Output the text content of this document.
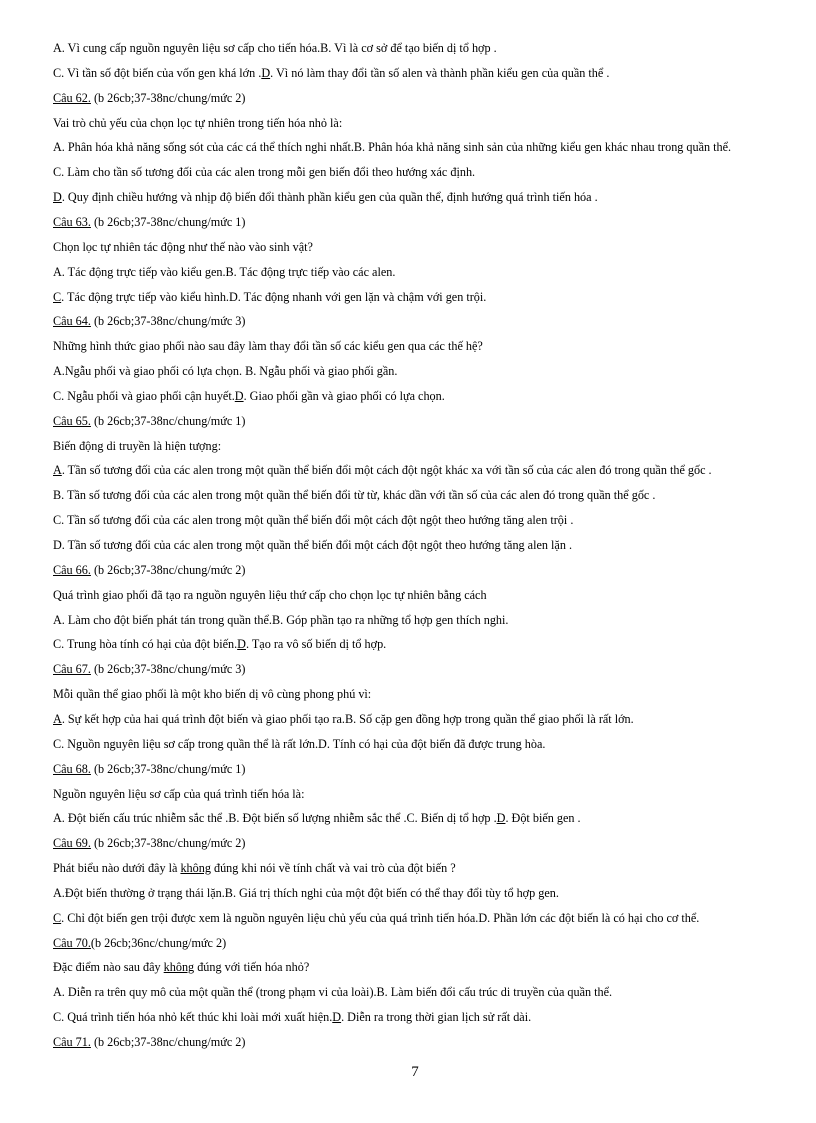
A. Vì cung cấp nguồn nguyên liệu sơ cấp cho tiến hóa.B. Vì là cơ sở để tạo biến dị tổ hợp .
C. Vì tần số đột biến của vốn gen khá lớn .D. Vì nó làm thay đổi tần số alen và thành phần kiểu gen của quần thể .
Câu 62. (b 26cb;37-38nc/chung/mức 2)
Vai trò chủ yếu của chọn lọc tự nhiên trong tiến hóa nhỏ là:
A. Phân hóa khả năng sống sót của các cá thể thích nghi nhất.B. Phân hóa khả năng sinh sản của những kiểu gen khác nhau trong quần thể.
C. Làm cho tần số tương đối của các alen trong mỗi gen biến đổi theo hướng xác định.
D. Quy định chiều hướng và nhịp độ biến đổi thành phần kiểu gen của quần thể, định hướng quá trình tiến hóa .
Câu 63. (b 26cb;37-38nc/chung/mức 1)
Chọn lọc tự nhiên tác động như thế nào vào sinh vật?
A. Tác động trực tiếp vào kiểu gen.B. Tác động trực tiếp vào các alen.
C. Tác động trực tiếp vào kiểu hình.D. Tác động nhanh với gen lặn và chậm với gen trội.
Câu 64. (b 26cb;37-38nc/chung/mức 3)
Những hình thức giao phối nào sau đây làm thay đổi tần số các kiểu gen qua các thế hệ?
A.Ngẫu phối và giao phối có lựa chọn. B. Ngẫu phối và giao phối gần.
C. Ngẫu phối và giao phối cận huyết.D. Giao phối gần và giao phối có lựa chọn.
Câu 65. (b 26cb;37-38nc/chung/mức 1)
Biến động di truyền là hiện tượng:
A. Tần số tương đối của các alen trong một quần thể biến đổi một cách đột ngột khác xa với tần số của các alen đó trong quần thể gốc .
B. Tần số tương đối của các alen trong một quần thể biến đổi từ từ, khác dần với tần số của các alen đó trong quần thể gốc .
C. Tần số tương đối của các alen trong một quần thể biến đổi một cách đột ngột theo hướng tăng alen trội .
D. Tần số tương đối của các alen trong một quần thể biến đổi một cách đột ngột theo hướng tăng alen lặn .
Câu 66. (b 26cb;37-38nc/chung/mức 2)
Quá trình giao phối đã tạo ra nguồn nguyên liệu thứ cấp cho chọn lọc tự nhiên bằng cách
A. Làm cho đột biến phát tán trong quần thể.B. Góp phần tạo ra những tổ hợp gen thích nghi.
C. Trung hòa tính có hại của đột biến.D. Tạo ra vô số biến dị tổ hợp.
Câu 67. (b 26cb;37-38nc/chung/mức 3)
Mỗi quần thể giao phối là một kho biến dị vô cùng phong phú vì:
A. Sự kết hợp của hai quá trình đột biến và giao phối tạo ra.B. Số cặp gen đồng hợp trong quần thể giao phối là rất lớn.
C. Nguồn nguyên liệu sơ cấp trong quần thể là rất lớn.D. Tính có hại của đột biến đã được trung hòa.
Câu 68. (b 26cb;37-38nc/chung/mức 1)
Nguồn nguyên liệu sơ cấp của quá trình tiến hóa là:
A. Đột biến cấu trúc nhiễm sắc thể .B. Đột biến số lượng nhiễm sắc thể .C. Biến dị tổ hợp .D. Đột biến gen .
Câu 69. (b 26cb;37-38nc/chung/mức 2)
Phát biểu nào dưới đây là không đúng khi nói về tính chất và vai trò của đột biến ?
A.Đột biến thường ở trạng thái lặn.B. Giá trị thích nghi của một đột biến có thể thay đổi tùy tổ hợp gen.
C. Chỉ đột biến gen trội được xem là nguồn nguyên liệu chủ yếu của quá trình tiến hóa.D. Phần lớn các đột biến là có hại cho cơ thể.
Câu 70.(b 26cb;36nc/chung/mức 2)
Đặc điểm nào sau đây không đúng với tiến hóa nhỏ?
A. Diễn ra trên quy mô của một quần thể (trong phạm vi của loài).B. Làm biến đổi cấu trúc di truyền của quần thể.
C. Quá trình tiến hóa nhỏ kết thúc khi loài mới xuất hiện.D. Diễn ra trong thời gian lịch sử rất dài.
Câu 71. (b 26cb;37-38nc/chung/mức 2)
7
